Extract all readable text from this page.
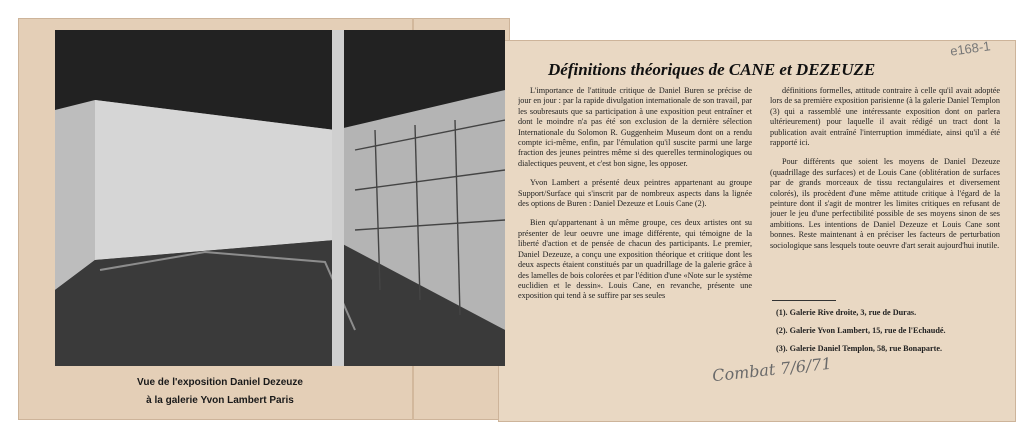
Vue de l'exposition Daniel Dezeuze
à la galerie Yvon Lambert Paris
e168-1
Définitions théoriques de CANE et DEZEUZE

L'importance de l'attitude critique de Daniel Buren se précise de jour en jour : par la rapide divulgation internationale de son travail, par les soubresauts que sa participation à une exposition peut entraîner et dont le moindre n'a pas été son exclusion de la dernière sélection Internationale du Solomon R. Guggenheim Museum dont on a rendu compte ici-même, enfin, par l'émulation qu'il suscite parmi une large fraction des jeunes peintres même si des querelles terminologiques ou dialectiques peuvent, et c'est bon signe, les opposer.

Yvon Lambert a présenté deux peintres appartenant au groupe Support/Surface qui s'inscrit par de nombreux aspects dans la lignée des options de Buren : Daniel Dezeuze et Louis Cane (2).

Bien qu'appartenant à un même groupe, ces deux artistes ont su présenter de leur oeuvre une image différente, qui témoigne de la liberté d'action et de pensée de chacun des participants. Le premier, Daniel Dezeuze, a conçu une exposition théorique et critique dont les deux aspects étaient constitués par un quadrillage de la galerie grâce à des lamelles de bois colorées et par l'édition d'une «Note sur le système euclidien et le dessin». Louis Cane, en revanche, présente une exposition qui tend à se suffire par ses seules

définitions formelles, attitude contraire à celle qu'il avait adoptée lors de sa première exposition parisienne (à la galerie Daniel Templon (3) qui a rassemblé une intéressante exposition dont on parlera ultérieurement) pour laquelle il avait rédigé un tract dont la publication avait entraîné l'interruption immédiate, ainsi qu'il a été rapporté ici.

Pour différents que soient les moyens de Daniel Dezeuze (quadrillage des surfaces) et de Louis Cane (oblitération de surfaces par de grands morceaux de tissu rectangulaires et diversement colorés), ils procèdent d'une même attitude critique à l'égard de la peinture dont il s'agit de montrer les limites critiques en refusant de jouer le jeu d'une perfectibilité possible de ses moyens sinon de ses ambitions. Les intentions de Daniel Dezeuze et Louis Cane sont bonnes. Reste maintenant à en préciser les facteurs de perturbation sociologique sans lesquels toute oeuvre d'art serait aujourd'hui inutile.

(1). Galerie Rive droite, 3, rue de Duras.
(2). Galerie Yvon Lambert, 15, rue de l'Echaudé.
(3). Galerie Daniel Templon, 58, rue Bonaparte.
Combat 7/6/71
